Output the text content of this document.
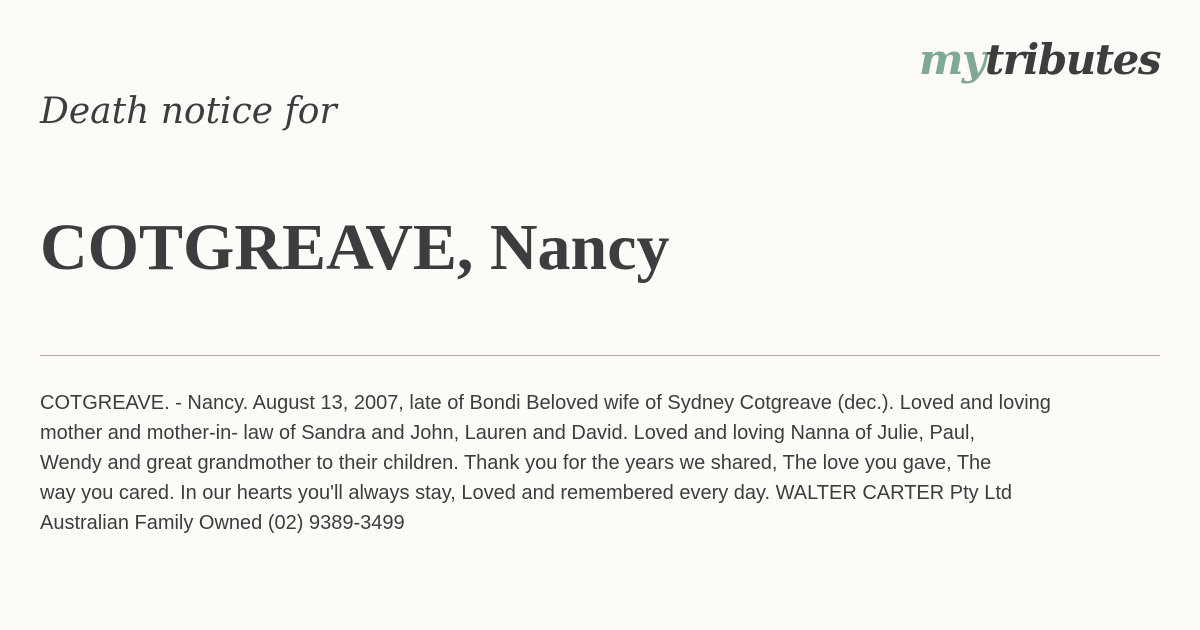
mytributes
Death notice for
COTGREAVE, Nancy

COTGREAVE. - Nancy. August 13, 2007, late of Bondi Beloved wife of Sydney Cotgreave (dec.). Loved and loving
mother and mother-in- law of Sandra and John, Lauren and David. Loved and loving Nanna of Julie, Paul,
Wendy and great grandmother to their children. Thank you for the years we shared, The love you gave, The
way you cared. In our hearts you'll always stay, Loved and remembered every day. WALTER CARTER Pty Ltd
Australian Family Owned (02) 9389-3499
